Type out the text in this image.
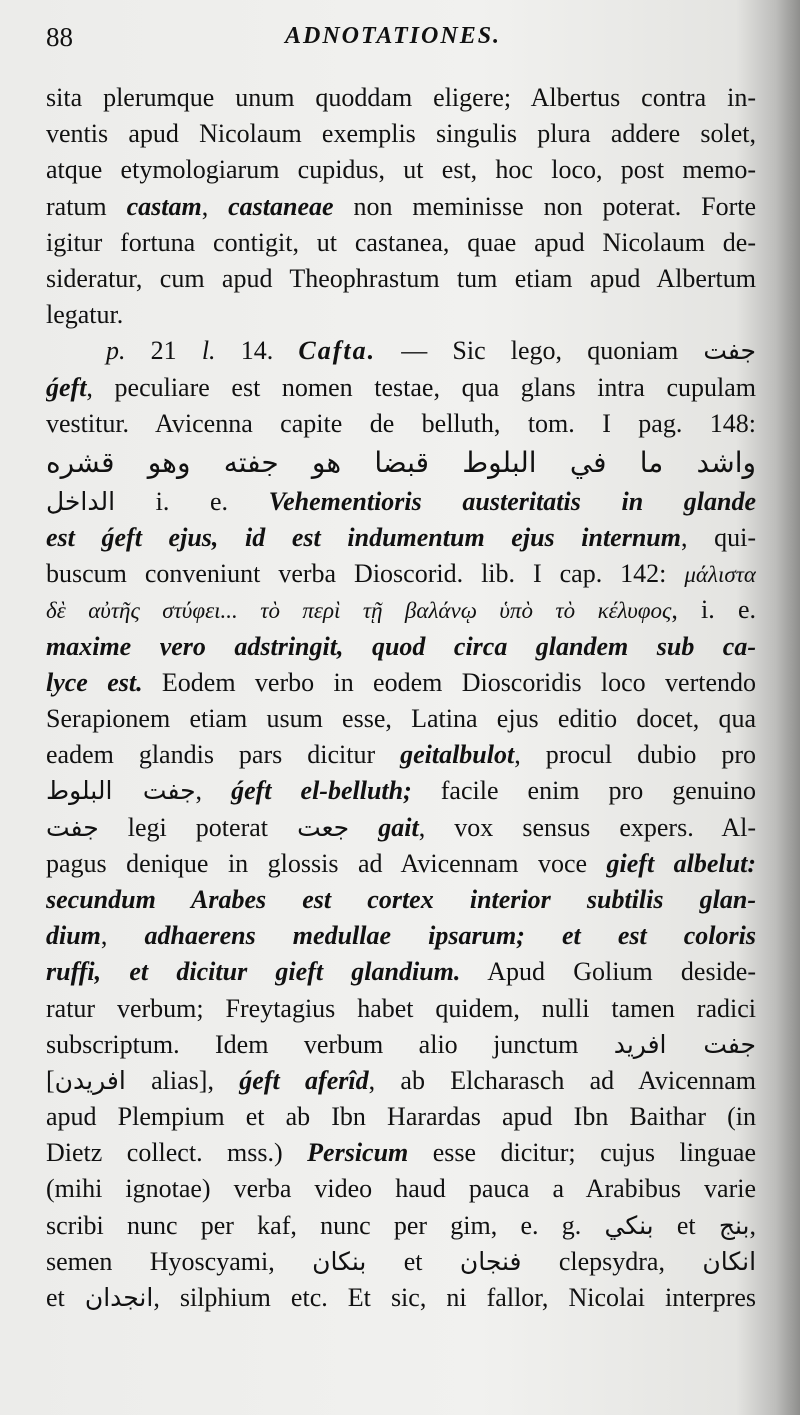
88	ADNOTATIONES.
sita plerumque unum quoddam eligere; Albertus contra in-
ventis apud Nicolaum exemplis singulis plura addere solet,
atque etymologiarum cupidus, ut est, hoc loco, post memo-
ratum castam, castaneae non meminisse non poterat. Forte
igitur fortuna contigit, ut castanea, quae apud Nicolaum de-
sideratur, cum apud Theophrastum tum etiam apud Albertum
legatur.
p. 21 l. 14. Cafta. — Sic lego, quoniam جفت
ǵeft, peculiare est nomen testae, qua glans intra cupulam
vestitur. Avicenna capite de belluth, tom. I pag. 148:
واشد ما في البلوط قبضا هو جفته وهو قشره
الداخل i. e. Vehementioris austeritatis in glande
est ǵeft ejus, id est indumentum ejus internum, qui-
buscum conveniunt verba Dioscorid. lib. I cap. 142: μάλιστα
δὲ αὐτῆς στύφει... τὸ περὶ τῇ βαλάνῳ ὑπὸ τὸ κέλυφος, i. e.
maxime vero adstringit, quod circa glandem sub ca-
lyce est. Eodem verbo in eodem Dioscoridis loco vertendo
Serapionem etiam usum esse, Latina ejus editio docet, qua
eadem glandis pars dicitur geitalbulot, procul dubio pro
جفت البلوط, ǵeft el-belluth; facile enim pro genuino
جفت legi poterat جعت gait, vox sensus expers. Al-
pagus denique in glossis ad Avicennam voce gieft albelut:
secundum Arabes est cortex interior subtilis glan-
dium, adhaerens medullae ipsarum; et est coloris
ruffi, et dicitur gieft glandium. Apud Golium deside-
ratur verbum; Freytagius habet quidem, nulli tamen radici
subscriptum. Idem verbum alio junctum جفت افريد
[افريدن alias], ǵeft aferîd, ab Elcharasch ad Avicennam
apud Plempium et ab Ibn Harardas apud Ibn Baithar (in
Dietz collect. mss.) Persicum esse dicitur; cujus linguae
(mihi ignotae) verba video haud pauca a Arabibus varie
scribi nunc per kaf, nunc per gim, e. g. بنكي et بنج,
semen Hyoscyami, بنكان et فنجان clepsydra, انكان
et انجدان, silphium etc. Et sic, ni fallor, Nicolai interpres
